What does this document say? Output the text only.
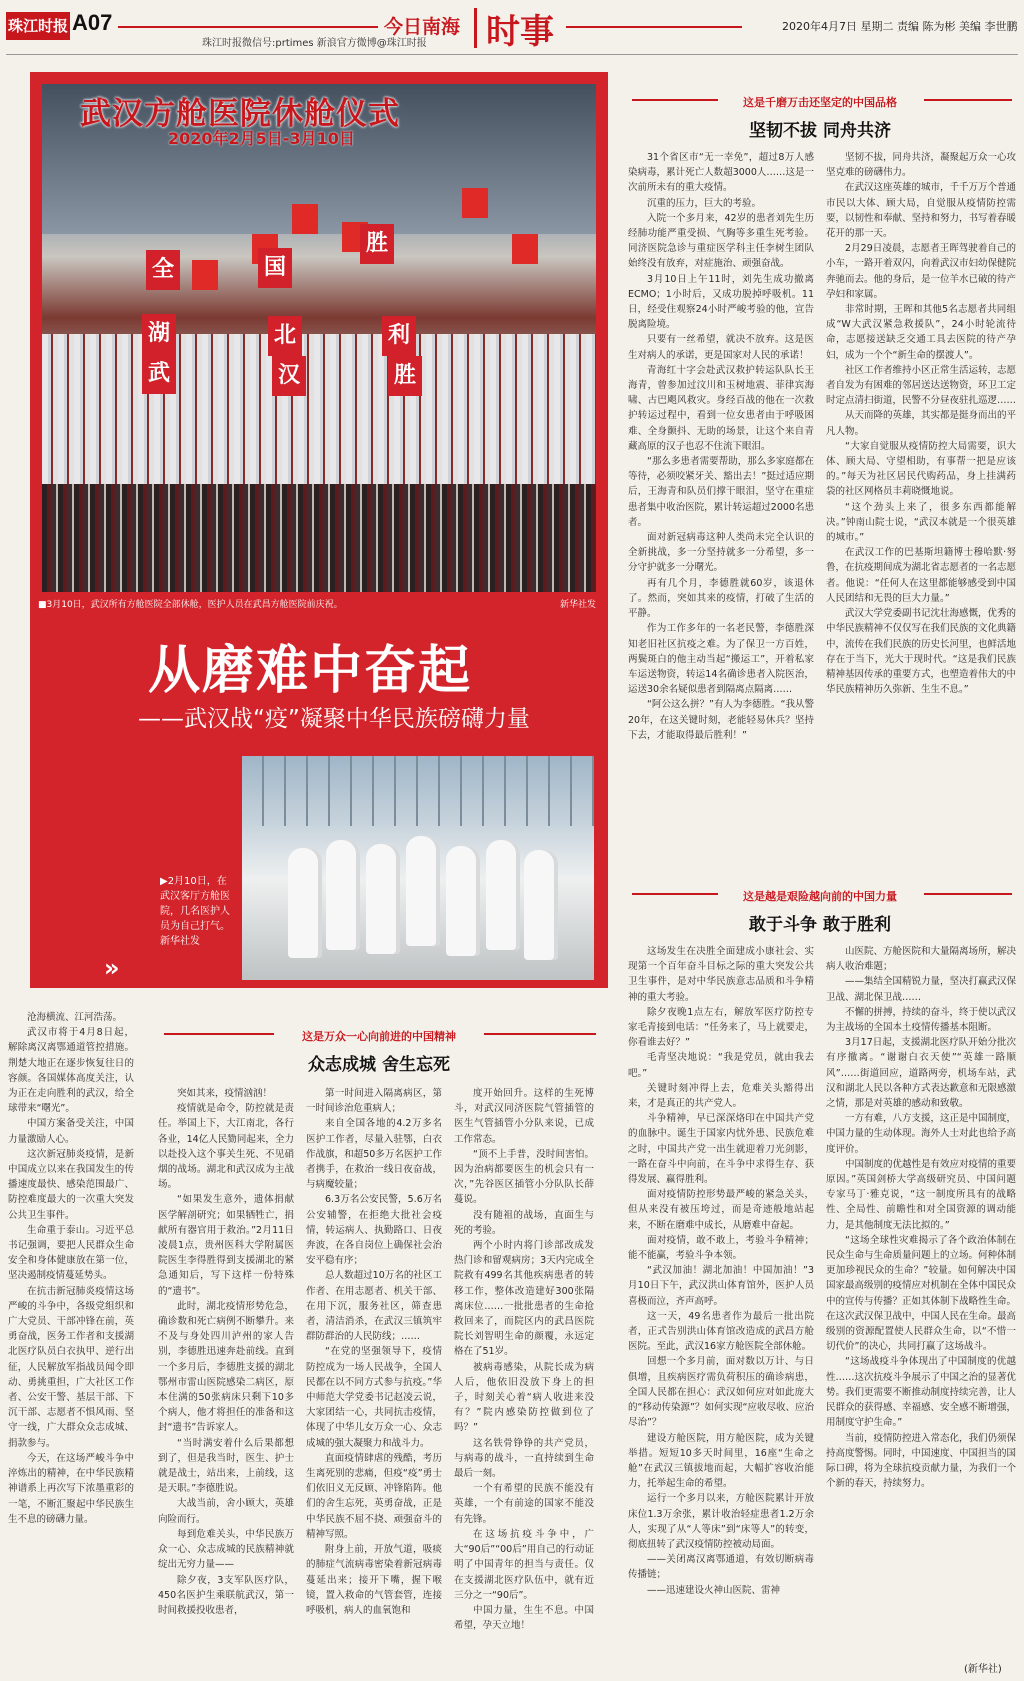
珠江时报 A07
珠江时报微信号:prtimes 新浪官方微博@珠江时报
今日南海 时事	2020年4月7日 星期二 责编 陈为彬 美编 李世鹏
全	国
胜
湖	北
武	汉
利
胜
武汉方舱医院休舱仪式
2020年2月5日-3月10日
■3月10日，武汉所有方舱医院全部休舱，医护人员在武昌方舱医院前庆祝。	新华社发
从磨难中奋起
——武汉战“疫”凝聚中华民族磅礴力量
▶2月10日，在武汉客厅方舱医院，几名医护人员为自己打气。
新华社发
»

沧海横流、江河浩荡。

武汉市将于4月8日起，解除离汉离鄂通道管控措施。荆楚大地正在逐步恢复往日的容颜。各国媒体高度关注，认为正在走向胜利的武汉，给全球带来“曙光”。

中国方案备受关注，中国力量激励人心。

这次新冠肺炎疫情，是新中国成立以来在我国发生的传播速度最快、感染范围最广、防控难度最大的一次重大突发公共卫生事件。

生命重于泰山。习近平总书记强调，要把人民群众生命安全和身体健康放在第一位，坚决遏制疫情蔓延势头。

在抗击新冠肺炎疫情这场严峻的斗争中，各级党组织和广大党员、干部冲锋在前，英勇奋战，医务工作者和支援湖北医疗队员白衣执甲、逆行出征，人民解放军指战员闻令即动、勇挑重担，广大社区工作者、公安干警、基层干部、下沉干部、志愿者不惧风雨、坚守一线，广大群众众志成城、捐款参与。

今天，在这场严峻斗争中淬炼出的精神，在中华民族精神谱系上再次写下浓墨重彩的一笔，不断汇聚起中华民族生生不息的磅礴力量。

这是万众一心向前进的中国精神
众志成城 舍生忘死

突如其来，疫情汹汹！

疫情就是命令，防控就是责任。举国上下，大江南北，各行各业，14亿人民勠同起来，全力以赴投入这个事关生死、不见硝烟的战场。湖北和武汉成为主战场。

“如果发生意外，遗体捐献医学解剖研究；如果牺牲亡，捐献所有器官用于救治。”2月11日凌晨1点，贵州医科大学附属医院医生李得胜得到支援湖北的紧急通知后，写下这样一份特殊的“遗书”。

此时，湖北疫情形势危急，确诊数和死亡病例不断攀升。来不及与身处四川泸州的家人告别，李德胜迅速奔赴前线。直到一个多月后，李德胜支援的湖北鄂州市雷山医院感染二病区，原本住满的50张病床只剩下10多个病人，他才将担任的准备和这封“遗书”告诉家人。

“当时满安着什么后果都想到了，但是我当时，医生、护士就是战士，站出来，上前线，这是天职。”李德胜说。

大战当前，舍小顾大，英雄向险而行。

每到危难关头，中华民族万众一心、众志成城的民族精神就绽出无穷力量——

除夕夜，3支军队医疗队，450名医护生乘联航武汉，第一时间救援投收患者，

第一时间进入隔离病区，第一时间诊治危重病人；

来自全国各地的4.2万多名医护工作者，尽量入驻鄂，白衣作战旗，和超50多万名医护工作者携手，在救治一线日夜奋战，与病魔较量；

6.3万名公安民警，5.6万名公安辅警，在拒绝大批社会疫情，转运病人、执勤路口、日夜奔波，在各自岗位上确保社会治安平稳有序；

总人数超过10万名的社区工作者、在用志愿者、机关干部、在用下沉，服务社区，筛查患者，清洁消杀，在武汉三镇筑牢群防群治的人民防线；……

“在党的坚强领导下，疫情防控成为一场人民战争，全国人民都在以不同方式参与抗疫。”华中师范大学党委书记赵凌云说，大家团结一心，共同抗击疫情，体现了中华儿女万众一心、众志成城的强大凝聚力和战斗力。

直面疫情肆虐的残酷，考历生离死别的悲痛，但疫“疫”勇士们依旧义无反顾、冲锋陷阵。他们的舍生忘死，英勇奋战，正是中华民族不屈不挠、顽强奋斗的精神写照。

附身上前，开放气道，吸痰的肺症气流病毒密染着新冠病毒蔓延出来；接开下嘴，握下喉镜，置入救命的气管套管，连接呼吸机，病人的血氧饱和

度开始回升。这样的生死博斗，对武汉同济医院气管插管的医生气管插管小分队来说，已成工作常态。

“顶不上手普，没时间害怕。因为治病都要医生的机会只有一次，”先谷医区插管小分队队长薛蔓说。

没有随祖的战场，直面生与死的考验。

两个小时内将门诊部改成发热门诊和留观病房；3天内完成全院救有499名其他疾病患者的转移工作，整体改造建好300张隔离床位……一批批患者的生命抢救回来了，而院区内的武昌医院院长刘智明生命的颜覆，永远定格在了51岁。

被病毒感染，从院长成为病人后，他依旧没放下身上的担子，时刻关心着“病人收进来没有？”院内感染防控做到位了吗？”

这名铁骨铮铮的共产党员，与病毒的战斗，一直持续到生命最后一刻。

一个有希望的民族不能没有英雄，一个有前途的国家不能没有先锋。

在这场抗疫斗争中，广大“90后”“00后”用自己的行动证明了中国青年的担当与责任。仅在支援湖北医疗队伍中，就有近三分之一“90后”。

中国力量，生生不息。中国希望，孕天立地！

这是千磨万击还坚定的中国品格
坚韧不拔 同舟共济

31个省区市“无一幸免”，超过8万人感染病毒，累计死亡人数超3000人……这是一次前所未有的重大疫情。

沉重的压力，巨大的考验。

入院一个多月来，42岁的患者刘先生历经肺功能严重受损、气胸等多重生死考验。同济医院急诊与重症医学科主任李树生团队始终没有放弃，对症施治、顽强奋战。

3月10日上午11时，刘先生成功撤离ECMO；1小时后，又成功脱掉呼吸机。11日，经受住观察24小时严峻考验的他，宣告脱离险境。

只要有一丝希望，就决不放弃。这是医生对病人的承诺，更是国家对人民的承诺！

青海红十字会赴武汉救护转运队队长王海青，曾参加过汶川和玉树地震、菲律宾海啸、古巴飓风救灾。身经百战的他在一次救护转运过程中，看到一位女患者由于呼吸困难、全身颤抖、无助的场景，让这个来自青藏高原的汉子也忍不住流下眼泪。

“那么多患者需要帮助，那么多家庭都在等待，必须咬紧牙关、豁出去！”挺过适应期后，王海青和队员们撑干眼泪，坚守在重症患者集中收治医院，累计转运超过2000名患者。

面对新冠病毒这种人类尚未完全认识的全新挑战，多一分坚持就多一分希望，多一分守护就多一分曙光。

再有几个月，李德胜就60岁，该退休了。然而，突如其来的疫情，打破了生活的平静。

作为工作多年的一名老民警，李德胜深知老旧社区抗疫之难。为了保卫一方百姓，两鬓斑白的他主动当起“搬运工”，开着私家车运送物资，转运14名确诊患者入院医治，运送30余名疑似患者到隔离点隔离……

“阿公这么拼？”有人为李德胜。“我从警20年，在这关键时刻，老能轻易休兵？坚持下去，才能取得最后胜利！”

坚韧不拔，同舟共济，凝聚起万众一心攻坚克难的磅礴伟力。

在武汉这座英雄的城市，千千万万个普通市民以大体、顾大局，自觉服从疫情防控需要，以韧性和奉献、坚持和努力，书写着春暖花开的那一天。

2月29日凌晨，志愿者王晖驾驶着自己的小车，一路开着双闪，向着武汉市妇幼保健院奔驰而去。他的身后，是一位羊水已破的待产孕妇和家属。

非常时期，王晖和其他5名志愿者共同组成“W大武汉紧急救援队”，24小时轮流待命，志愿接送缺乏交通工具去医院的待产孕妇，成为一个个“新生命的摆渡人”。

社区工作者维持小区正常生活运转，志愿者自发为有困难的邻居送达送物资，环卫工定时定点清扫街道，民警不分昼夜驻扎巡逻……

从天而降的英雄，其实都是挺身而出的平凡人物。

“大家自觉服从疫情防控大局需要，识大体、顾大局、守望相助，有事帮一把是应该的。”每天为社区居民代购药品，身上挂满药袋的社区网格员丰莉晓慨地说。

“这个劲头上来了，很多东西都能解决。”钟南山院士说，“武汉本就是一个很英雄的城市。”

在武汉工作的巴基斯坦籍博士穆哈默·努鲁，在抗疫期间成为湖北省志愿者的一名志愿者。他说：“任何人在这里都能够感受到中国人民团结和无畏的巨大力量。”

武汉大学党委副书记沈壮海感慨，优秀的中华民族精神不仅仅写在我们民族的文化典籍中，流传在我们民族的历史长河里，也鲜活地存在于当下，光大于现时代。“这是我们民族精神基因传承的重要方式，也塑造着伟大的中华民族精神历久弥新、生生不息。”

这是越是艰险越向前的中国力量
敢于斗争 敢于胜利

这场发生在决胜全面建成小康社会、实现第一个百年奋斗目标之际的重大突发公共卫生事件，是对中华民族意志品质和斗争精神的重大考验。

除夕夜晚1点左右，解放军医疗防控专家毛青接到电话：“任务来了，马上就要走，你看谁去好？”

毛青坚决地说：“我是党员，就由我去吧。”

关键时刻冲得上去，危难关头豁得出来，才是真正的共产党人。

斗争精神，早已深深烙印在中国共产党的血脉中。诞生于国家内忧外患、民族危难之时，中国共产党一出生就迎着刀光剑影，一路在奋斗中向前，在斗争中求得生存、获得发展、赢得胜利。

面对疫情防控形势最严峻的紧急关头，但从来没有被压垮过，而是奇迹般地站起来，不断在磨难中成长，从磨难中奋起。

面对疫情，敢不敢上，考验斗争精神；能不能赢，考验斗争本领。

“武汉加油！湖北加油！中国加油！”3月10日下午，武汉洪山体育馆外，医护人员喜极而泣，齐声高呼。

这一天，49名患者作为最后一批出院者，正式告别洪山体育馆改造成的武昌方舱医院。至此，武汉16家方舱医院全部休舱。

回想一个多月前，面对数以万计、与日俱增，且疾病医疗需负荷积压的确诊病患，全国人民都在担心：武汉如何应对如此庞大的“移动传染源”？如何实现“应收尽收、应治尽治”？

建设方舱医院，用方舱医院，成为关键举措。短短10多天时间里，16座“生命之舱”在武汉三镇拔地而起，大幅扩容收治能力，托举起生命的希望。

运行一个多月以来，方舱医院累计开放床位1.3万余张，累计收治轻症患者1.2万余人，实现了从“人等床”到“床等人”的转变，彻底扭转了武汉疫情防控被动局面。

——关闭离汉离鄂通道，有效切断病毒传播链；

——迅速建设火神山医院、雷神

山医院、方舱医院和大量隔离场所，解决病人收治难题；

——集结全国精锐力量，坚决打赢武汉保卫战、湖北保卫战……

不懈的拼搏，持续的奋斗，终于使以武汉为主战场的全国本土疫情传播基本阻断。

3月17日起，支援湖北医疗队开始分批次有序撤离。“谢谢白衣天使”“英雄一路顺风”……街道回应，道路两旁，机场车站，武汉和湖北人民以各种方式表达歉意和无限感激之情，那是对英雄的感动和致敬。

一方有难，八方支援，这正是中国制度，中国力量的生动体现。海外人士对此也给予高度评价。

中国制度的优越性是有效应对疫情的重要原因。”英国剑桥大学高级研究员、中国问题专家马丁·雅克说，“这一制度所具有的战略性、全局性、前瞻性和对全国资源的调动能力，是其他制度无法比拟的。”

“这场全球性灾难揭示了各个政治体制在民众生命与生命质量问题上的立场。何种体制更加珍视民众的生命？”较量。如何解决中国国家最高级别的疫情应对机制在全体中国民众中的宣传与传播？正如其体制下战略性生命。在这次武汉保卫战中，中国人民在生命。最高级别的资源配置使人民群众生命，以“不惜一切代价”的决心，共同打赢了这场战斗。

“这场战疫斗争体现出了中国制度的优越性……这次抗疫斗争展示了中国之治的显著优势。我们更需要不断推动制度持续完善，让人民群众的获得感、幸福感、安全感不断增强，用制度守护生命。”

当前，疫情防控进入常态化，我们仍须保持高度警惕。同时，中国速度、中国担当的国际口碑，将为全球抗疫贡献力量，为我们一个个新的春天，持续努力。

(新华社)
